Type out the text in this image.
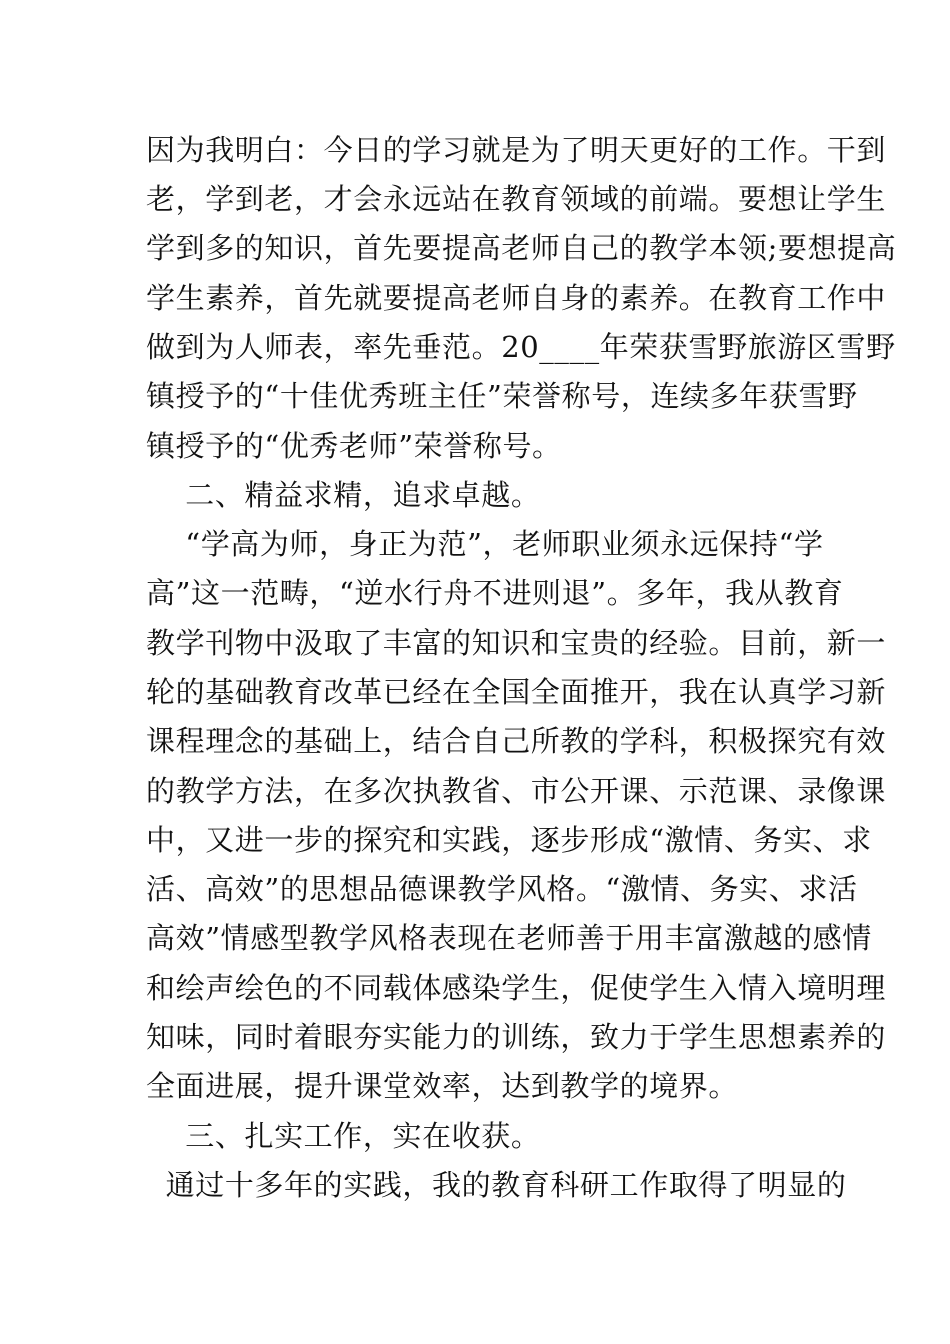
因为我明白：今日的学习就是为了明天更好的工作。干到
老，学到老，才会永远站在教育领域的前端。要想让学生
学到多的知识，首先要提高老师自己的教学本领;要想提高
学生素养，首先就要提高老师自身的素养。在教育工作中
做到为人师表，率先垂范。20____年荣获雪野旅游区雪野
镇授予的“十佳优秀班主任”荣誉称号，连续多年获雪野
镇授予的“优秀老师”荣誉称号。
二、精益求精，追求卓越。
“学高为师，身正为范”，老师职业须永远保持“学
高”这一范畴，“逆水行舟不进则退”。多年，我从教育
教学刊物中汲取了丰富的知识和宝贵的经验。目前，新一
轮的基础教育改革已经在全国全面推开，我在认真学习新
课程理念的基础上，结合自己所教的学科，积极探究有效
的教学方法，在多次执教省、市公开课、示范课、录像课
中，又进一步的探究和实践，逐步形成“激情、务实、求
活、高效”的思想品德课教学风格。“激情、务实、求活
高效”情感型教学风格表现在老师善于用丰富激越的感情
和绘声绘色的不同载体感染学生，促使学生入情入境明理
知味，同时着眼夯实能力的训练，致力于学生思想素养的
全面进展，提升课堂效率，达到教学的境界。
三、扎实工作，实在收获。
通过十多年的实践，我的教育科研工作取得了明显的
